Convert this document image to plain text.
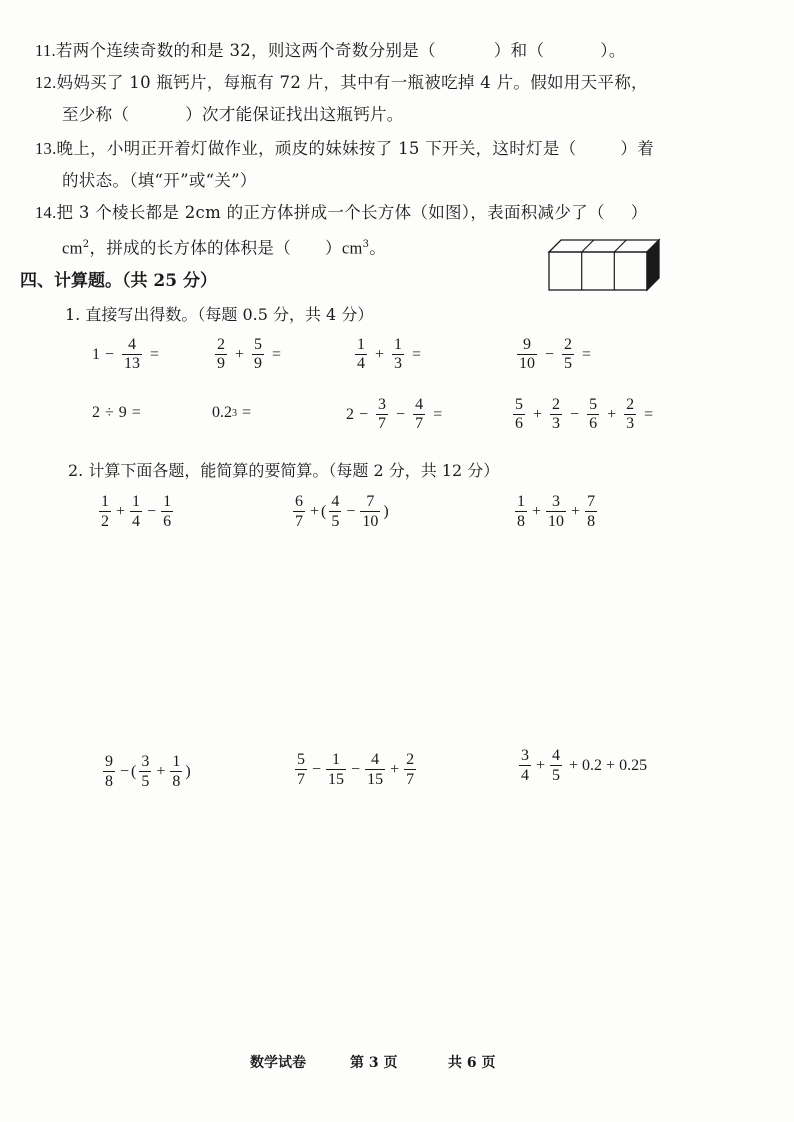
11.若两个连续奇数的和是 32，则这两个奇数分别是（	）和（	）。
12.妈妈买了 10 瓶钙片，每瓶有 72 片，其中有一瓶被吃掉 4 片。假如用天平称，
至少称（	）次才能保证找出这瓶钙片。
13.晚上，小明正开着灯做作业，顽皮的妹妹按了 15 下开关，这时灯是（	）着
的状态。（填“开”或“关”）
14.把 3 个棱长都是 2cm 的正方体拼成一个长方体（如图），表面积减少了（ ）
$cm^2$，拼成的长方体的体积是（ ）$cm^3$。
四、计算题。（共 25 分）
1. 直接写出得数。（每题 0.5 分，共 4 分）
$1 - \frac{4}{13}$ =	$\frac{2}{9} + \frac{5}{9}$ =	$\frac{1}{4} + \frac{1}{3}$ =	$\frac{9}{10} - \frac{2}{5}$ =
2 ÷ 9 =	0.2 3 =	$2 - \frac{3}{7} - \frac{4}{7}$ =	$\frac{5}{6} + \frac{2}{3} - \frac{5}{6} + \frac{2}{3}$ =
2. 计算下面各题，能简算的要简算。（每题 2 分，共 12 分）
$\frac{1}{2} + \frac{1}{4} - \frac{1}{6}$	$\frac{6}{7}$ + ( $\frac{4}{5} - \frac{7}{10}$ )	$\frac{1}{8} + \frac{3}{10} + \frac{7}{8}$
$\frac{9}{8}$ − ( $\frac{3}{5} + \frac{1}{8}$ )	$\frac{5}{7} - \frac{1}{15} - \frac{4}{15} + \frac{2}{7}$	$\frac{3}{4} + \frac{4}{5} + 0.2 + 0.25$
数学试卷	第 3 页	共 6 页
